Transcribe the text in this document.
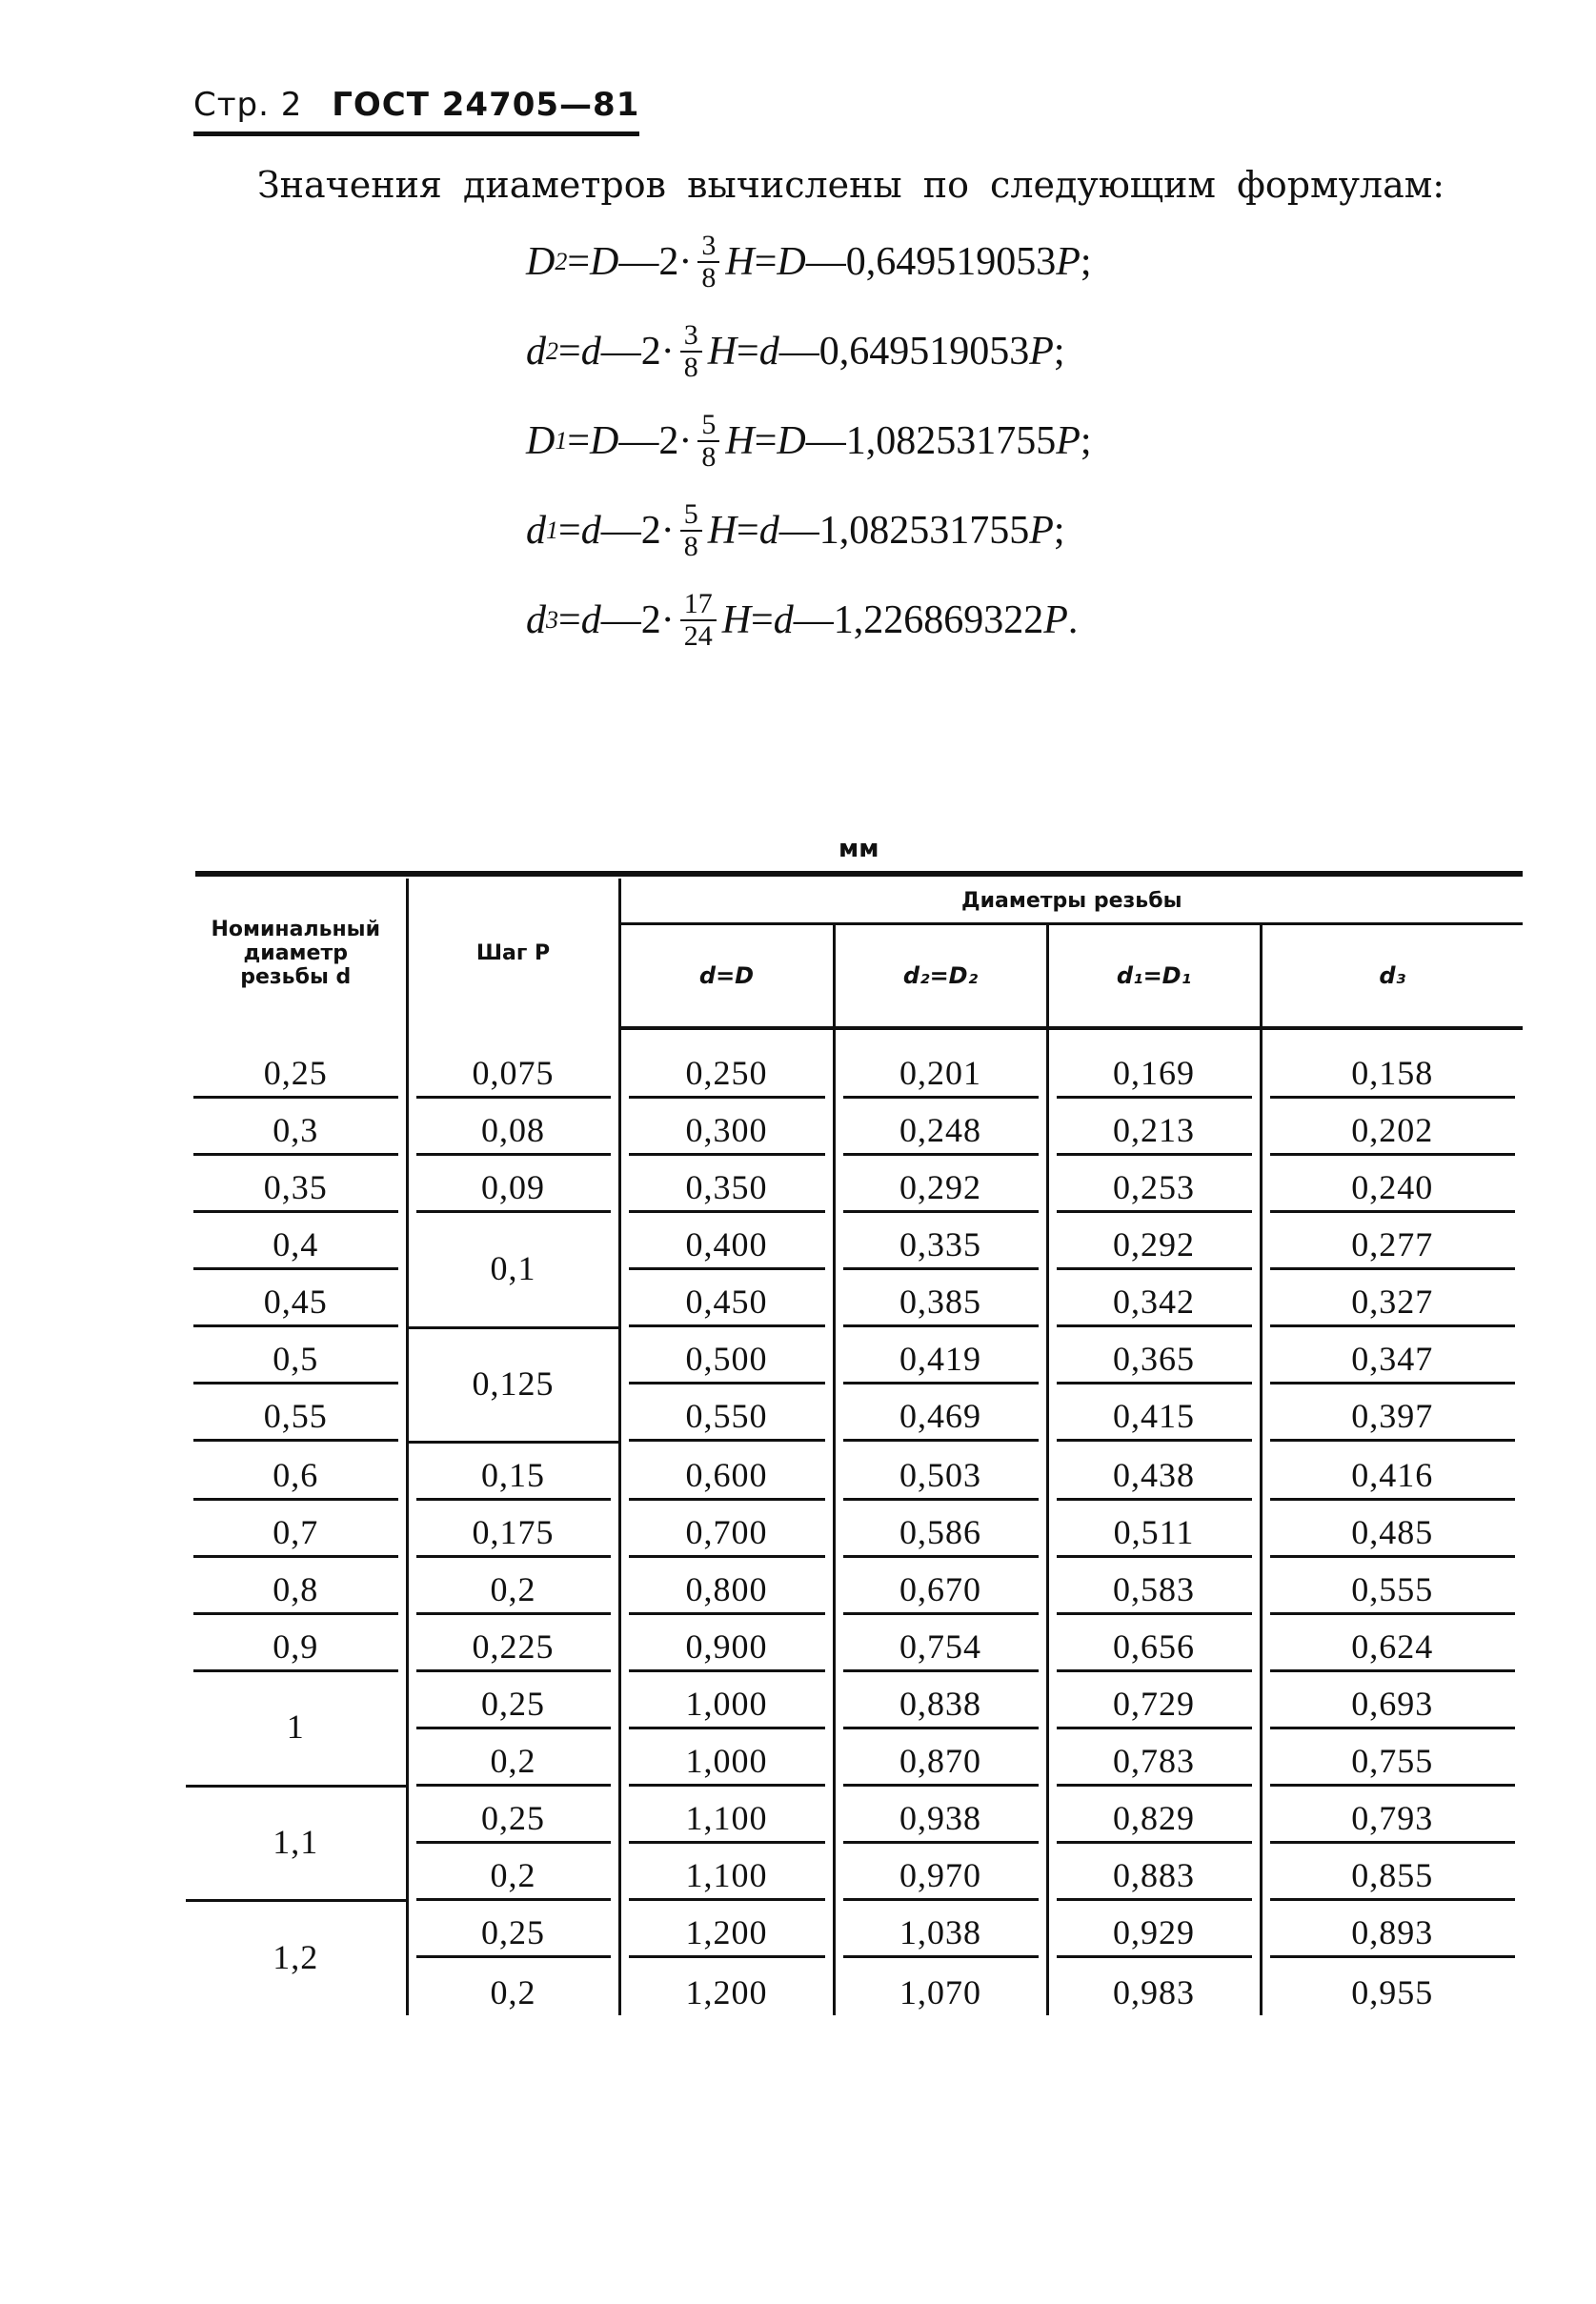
Стр. 2 ГОСТ 24705—81
Значения диаметров вычислены по следующим формулам:
D 2 = D —2· $\frac{3}{8}$ H = D — 0,649519053 P ;
d 2 = d —2· $\frac{3}{8}$ H = d — 0,649519053 P ;
D 1 = D —2· $\frac{5}{8}$ H = D — 1,082531755 P ;
d 1 = d —2· $\frac{5}{8}$ H = d — 1,082531755 P ;
d 3 = d —2· $\frac{17}{24}$ H = d — 1,226869322 P .
мм
Номинальный диаметр резьбы d	Шаг P	Диаметры резьбы			
		d=D	d₂=D₂	d₁=D₁	d₃

0,25	0,075	0,250	0,201	0,169	0,158

0,3	0,08	0,300	0,248	0,213	0,202

0,35	0,09	0,350	0,292	0,253	0,240

0,4	0,1	0,400	0,335	0,292	0,277

0,45		0,450	0,385	0,342	0,327

0,5	0,125	0,500	0,419	0,365	0,347

0,55		0,550	0,469	0,415	0,397

0,6	0,15	0,600	0,503	0,438	0,416

0,7	0,175	0,700	0,586	0,511	0,485

0,8	0,2	0,800	0,670	0,583	0,555

0,9	0,225	0,900	0,754	0,656	0,624

1	0,25	1,000	0,838	0,729	0,693

	0,2	1,000	0,870	0,783	0,755

1,1	0,25	1,100	0,938	0,829	0,793

	0,2	1,100	0,970	0,883	0,855

1,2	0,25	1,200	1,038	0,929	0,893

	0,2	1,200	1,070	0,983	0,955
